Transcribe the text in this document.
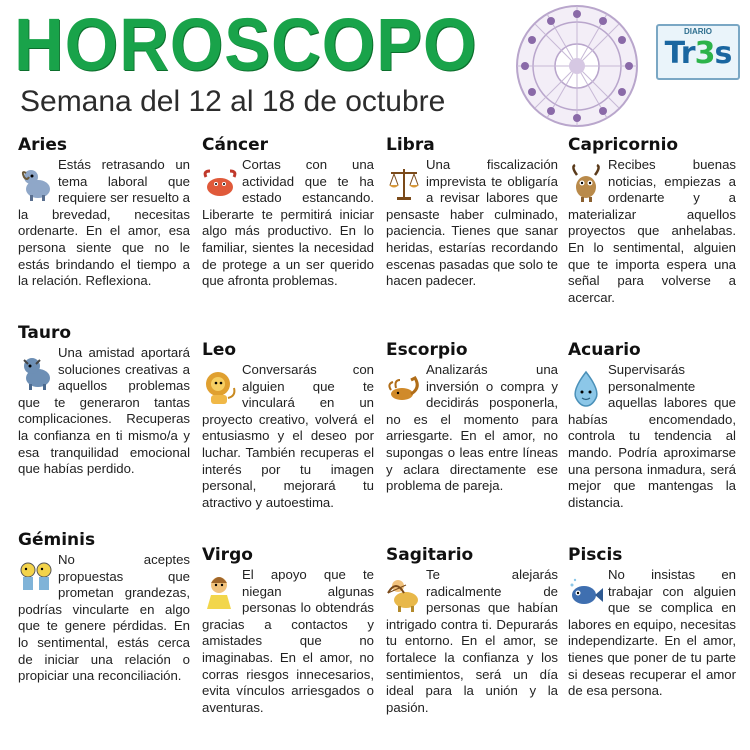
HOROSCOPO
Semana del 12 al 18 de octubre
DIARIO
Tr3s

Aries

Estás retrasando un tema laboral que requiere ser resuelto a la brevedad, necesitas ordenarte. En el amor, esa persona siente que no le estás brindando el tiempo a la relación. Reflexiona.

Tauro

Una amistad aportará soluciones creativas a aquellos problemas que te generaron tantas complicaciones. Recuperas la confianza en ti mismo/a y esa tranquilidad emocional que habías perdido.

Géminis

No aceptes propuestas que prometan grandezas, podrías vincularte en algo que te genere pérdidas. En lo sentimental, estás cerca de iniciar una relación o propiciar una reconciliación.

Cáncer

Cortas con una actividad que te ha estado estancando. Liberarte te permitirá iniciar algo más productivo. En lo familiar, sientes la necesidad de protege a un ser querido que afronta problemas.

Leo

Conversarás con alguien que te vinculará en un proyecto creativo, volverá el entusiasmo y el deseo por luchar. También recuperas el interés por tu imagen personal, mejorará tu atractivo y autoestima.

Virgo

El apoyo que te niegan algunas personas lo obtendrás gracias a contactos y amistades que no imaginabas. En el amor, no corras riesgos innecesarios, evita vínculos arriesgados o aventuras.

Libra

Una fiscalización imprevista te obligaría a revisar labores que pensaste haber culminado, paciencia. Tienes que sanar heridas, estarías recordando escenas pasadas que solo te hacen padecer.

Escorpio

Analizarás una inversión o compra y decidirás posponerla, no es el momento para arriesgarte. En el amor, no supongas o leas entre líneas y aclara directamente ese problema de pareja.

Sagitario

Te alejarás radicalmente de personas que habían intrigado contra ti. Depurarás tu entorno. En el amor, se fortalece la confianza y los sentimientos, será un día ideal para la unión y la pasión.

Capricornio

Recibes buenas noticias, empiezas a ordenarte y a materializar aquellos proyectos que anhelabas. En lo sentimental, alguien que te importa espera una señal para volverse a acercar.

Acuario

Supervisarás personalmente aquellas labores que habías encomendado, controla tu tendencia al mando. Podría aproximarse una persona inmadura, será mejor que mantengas la distancia.

Piscis

No insistas en trabajar con alguien que se complica en labores en equipo, necesitas independizarte. En el amor, tienes que poner de tu parte si deseas recuperar el amor de esa persona.
